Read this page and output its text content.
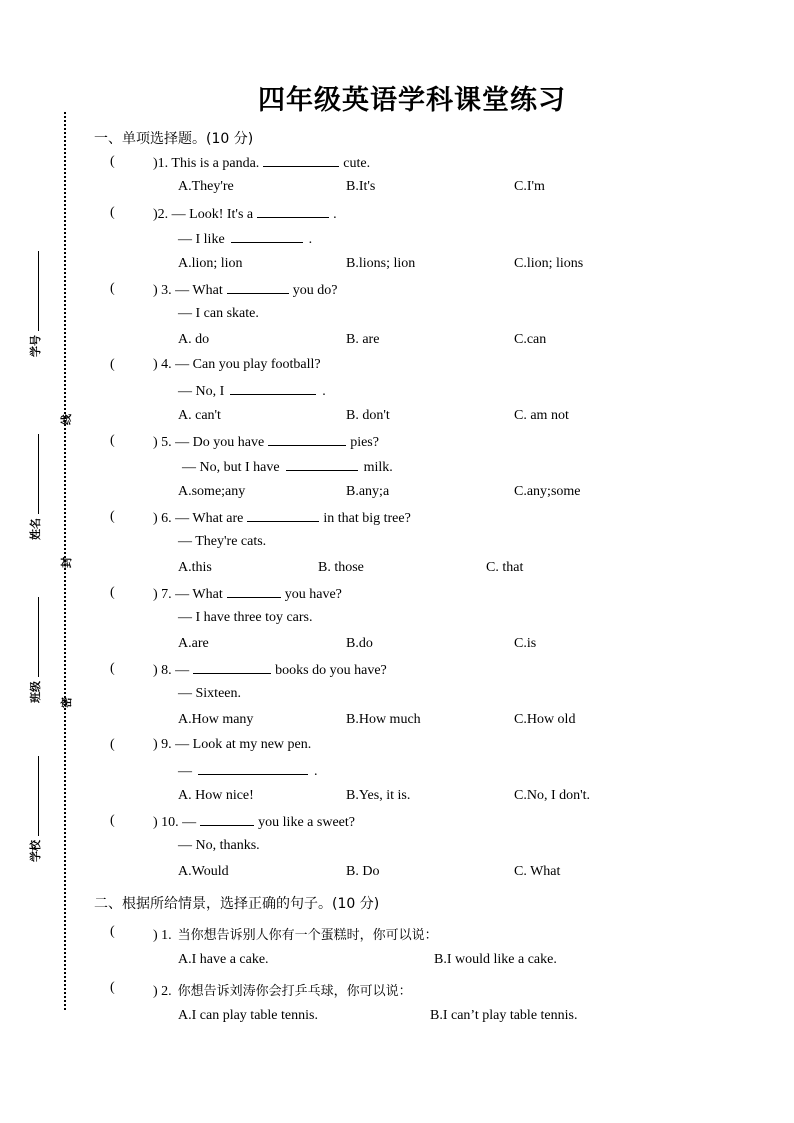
四年级英语学科课堂练习
学号
姓名
班级
学校
线
封
密
一、单项选择题。(10 分)
(	)1. This is a panda.	cute.
A.They're	B.It's	C.I'm
(	)2. — Look! It's a	.
— I like	.
A.lion; lion	B.lions; lion	C.lion; lions
(	) 3. — What	you do?
— I can skate.
A. do	B. are	C.can
(	) 4. — Can you play football?
— No, I	.
A. can't	B. don't	C. am not
(	) 5. — Do you have	pies?
— No, but I have	milk.
A.some;any	B.any;a	C.any;some
(	) 6. — What are	in that big tree?
— They're cats.
A.this	B. those	C. that
(	) 7. — What	you have?
— I have three toy cars.
A.are	B.do	C.is
(	) 8. —	books do you have?
— Sixteen.
A.How many	B.How much	C.How old
(	) 9. — Look at my new pen.
—	.
A. How nice!	B.Yes, it is.	C.No, I don't.
(	) 10. —	you like a sweet?
— No, thanks.
A.Would	B. Do	C. What
二、根据所给情景，选择正确的句子。(10 分)
(	) 1. 当你想告诉别人你有一个蛋糕时，你可以说：
A.I have a cake.	B.I would like a cake.
(	) 2. 你想告诉刘涛你会打乒乓球，你可以说：
A.I can play table tennis.	B.I can’t play table tennis.
